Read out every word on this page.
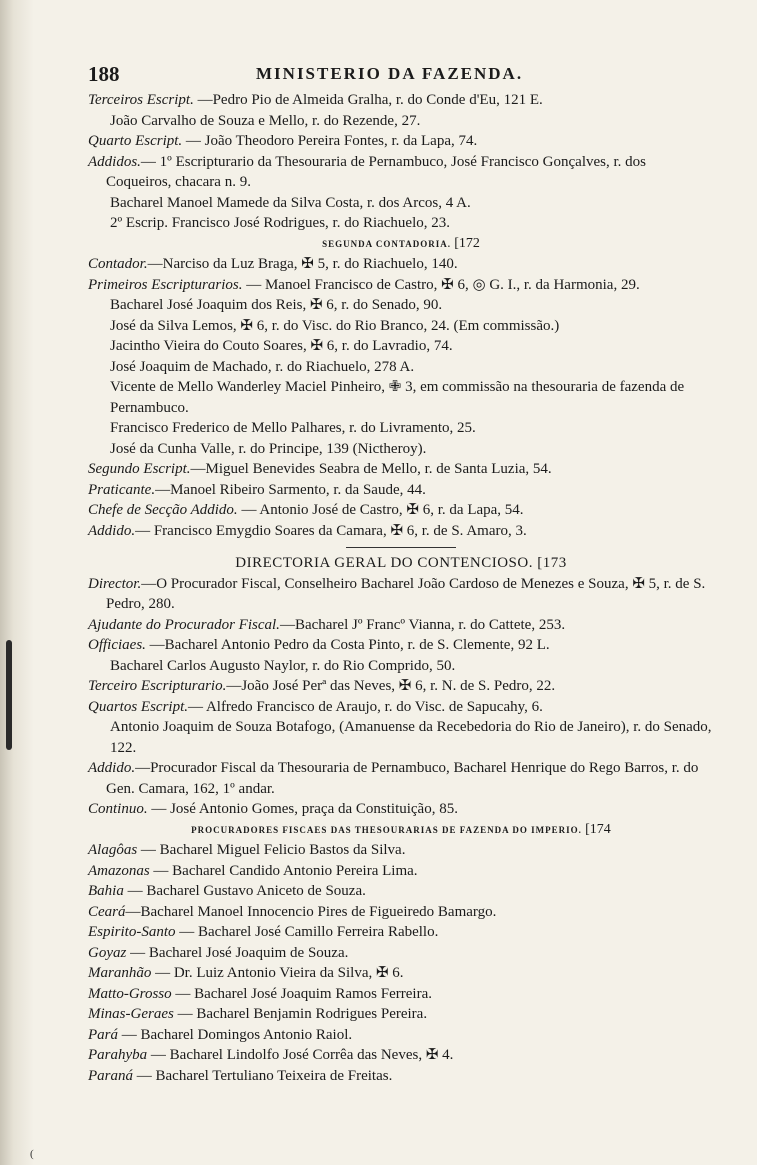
188	MINISTERIO DA FAZENDA.

Terceiros Escript. —Pedro Pio de Almeida Gralha, r. do Conde d'Eu, 121 E.

João Carvalho de Souza e Mello, r. do Rezende, 27.

Quarto Escript. — João Theodoro Pereira Fontes, r. da Lapa, 74.

Addidos.— 1º Escripturario da Thesouraria de Pernambuco, José Francisco Gonçalves, r. dos Coqueiros, chacara n. 9.

Bacharel Manoel Mamede da Silva Costa, r. dos Arcos, 4 A.

2º Escrip. Francisco José Rodrigues, r. do Riachuelo, 23.

SEGUNDA CONTADORIA. [172

Contador.—Narciso da Luz Braga, ✠ 5, r. do Riachuelo, 140.

Primeiros Escripturarios. — Manoel Francisco de Castro, ✠ 6, ◎ G. I., r. da Harmonia, 29.

Bacharel José Joaquim dos Reis, ✠ 6, r. do Senado, 90.

José da Silva Lemos, ✠ 6, r. do Visc. do Rio Branco, 24. (Em commissão.)

Jacintho Vieira do Couto Soares, ✠ 6, r. do Lavradio, 74.

José Joaquim de Machado, r. do Riachuelo, 278 A.

Vicente de Mello Wanderley Maciel Pinheiro, ✙ 3, em commissão na thesouraria de fazenda de Pernambuco.

Francisco Frederico de Mello Palhares, r. do Livramento, 25.

José da Cunha Valle, r. do Principe, 139 (Nictheroy).

Segundo Escript.—Miguel Benevides Seabra de Mello, r. de Santa Luzia, 54.

Praticante.—Manoel Ribeiro Sarmento, r. da Saude, 44.

Chefe de Secção Addido. — Antonio José de Castro, ✠ 6, r. da Lapa, 54.

Addido.— Francisco Emygdio Soares da Camara, ✠ 6, r. de S. Amaro, 3.

DIRECTORIA GERAL DO CONTENCIOSO. [173

Director.—O Procurador Fiscal, Conselheiro Bacharel João Cardoso de Menezes e Souza, ✠ 5, r. de S. Pedro, 280.

Ajudante do Procurador Fiscal.—Bacharel Jº Francº Vianna, r. do Cattete, 253.

Officiaes. —Bacharel Antonio Pedro da Costa Pinto, r. de S. Clemente, 92 L.

Bacharel Carlos Augusto Naylor, r. do Rio Comprido, 50.

Terceiro Escripturario.—João José Perª das Neves, ✠ 6, r. N. de S. Pedro, 22.

Quartos Escript.— Alfredo Francisco de Araujo, r. do Visc. de Sapucahy, 6.

Antonio Joaquim de Souza Botafogo, (Amanuense da Recebedoria do Rio de Janeiro), r. do Senado, 122.

Addido.—Procurador Fiscal da Thesouraria de Pernambuco, Bacharel Henrique do Rego Barros, r. do Gen. Camara, 162, 1º andar.

Continuo. — José Antonio Gomes, praça da Constituição, 85.

PROCURADORES FISCAES DAS THESOURARIAS DE FAZENDA DO IMPERIO. [174

Alagôas — Bacharel Miguel Felicio Bastos da Silva.

Amazonas — Bacharel Candido Antonio Pereira Lima.

Bahia — Bacharel Gustavo Aniceto de Souza.

Ceará—Bacharel Manoel Innocencio Pires de Figueiredo Bamargo.

Espirito-Santo — Bacharel José Camillo Ferreira Rabello.

Goyaz — Bacharel José Joaquim de Souza.

Maranhão — Dr. Luiz Antonio Vieira da Silva, ✠ 6.

Matto-Grosso — Bacharel José Joaquim Ramos Ferreira.

Minas-Geraes — Bacharel Benjamin Rodrigues Pereira.

Pará — Bacharel Domingos Antonio Raiol.

Parahyba — Bacharel Lindolfo José Corrêa das Neves, ✠ 4.

Paraná — Bacharel Tertuliano Teixeira de Freitas.

(
